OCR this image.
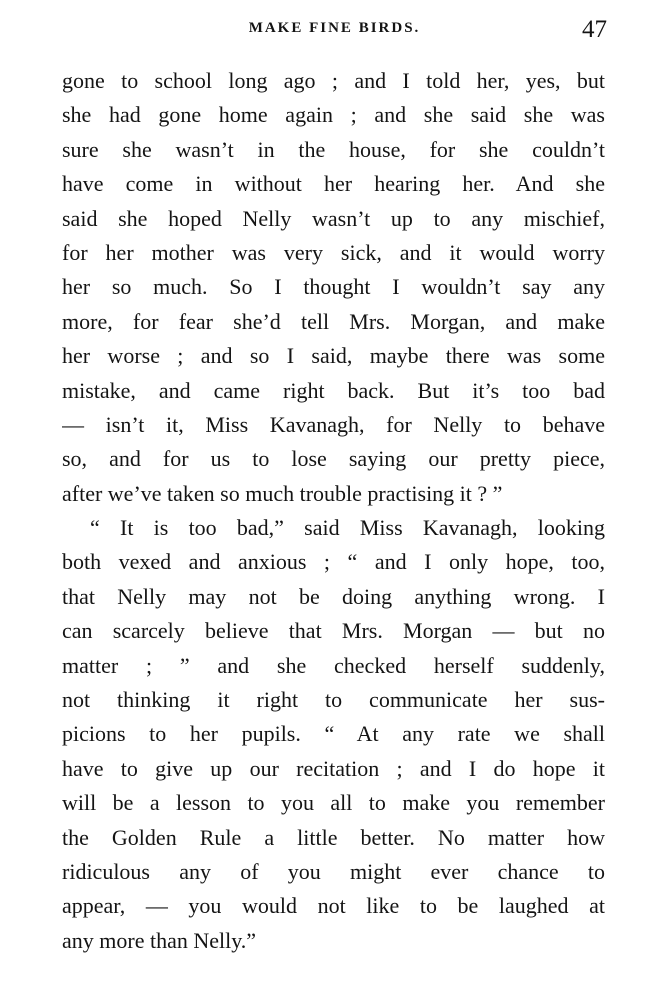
MAKE FINE BIRDS.	47
gone to school long ago ; and I told her, yes, but
she had gone home again ; and she said she was
sure she wasn’t in the house, for she couldn’t
have come in without her hearing her. And she
said she hoped Nelly wasn’t up to any mischief,
for her mother was very sick, and it would worry
her so much. So I thought I wouldn’t say any
more, for fear she’d tell Mrs. Morgan, and make
her worse ; and so I said, maybe there was some
mistake, and came right back. But it’s too bad
— isn’t it, Miss Kavanagh, for Nelly to behave
so, and for us to lose saying our pretty piece,
after we’ve taken so much trouble practising it ? ”
“ It is too bad,” said Miss Kavanagh, looking
both vexed and anxious ; “ and I only hope, too,
that Nelly may not be doing anything wrong. I
can scarcely believe that Mrs. Morgan — but no
matter ; ” and she checked herself suddenly,
not thinking it right to communicate her sus-
picions to her pupils. “ At any rate we shall
have to give up our recitation ; and I do hope it
will be a lesson to you all to make you remember
the Golden Rule a little better. No matter how
ridiculous any of you might ever chance to
appear, — you would not like to be laughed at
any more than Nelly.”
